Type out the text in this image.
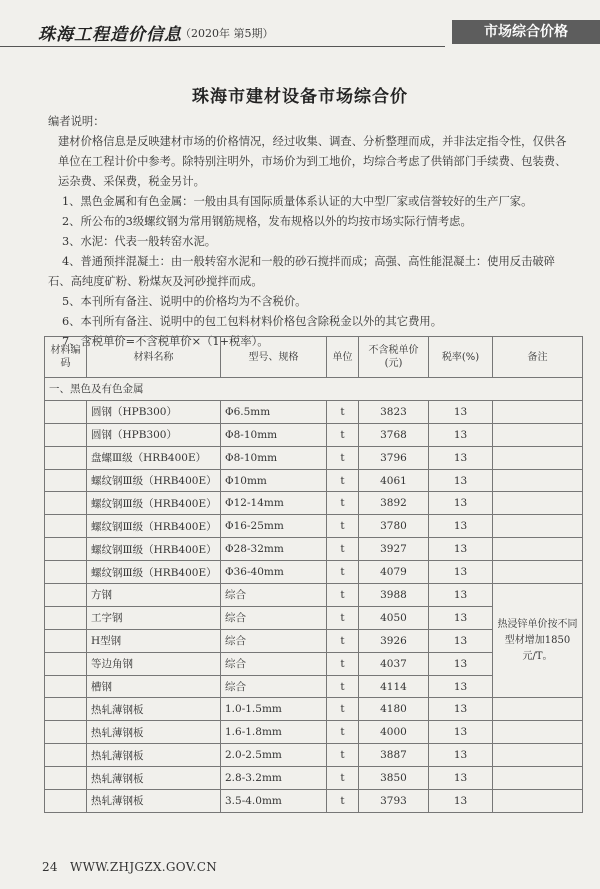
珠海工程造价信息
（2020年 第5期）	市场综合价格
珠海市建材设备市场综合价

编者说明：

建材价格信息是反映建材市场的价格情况，经过收集、调查、分析整理而成，并非法定指令性，仅供各单位在工程计价中参考。除特别注明外，市场价为到工地价，均综合考虑了供销部门手续费、包装费、运杂费、采保费，税金另计。

1、黑色金属和有色金属：一般由具有国际质量体系认证的大中型厂家或信誉较好的生产厂家。

2、所公布的3级螺纹钢为常用钢筋规格，发布规格以外的均按市场实际行情考虑。

3、水泥：代表一般转窑水泥。

4、普通预拌混凝土：由一般转窑水泥和一般的砂石搅拌而成；高强、高性能混凝土：使用反击破碎石、高纯度矿粉、粉煤灰及河砂搅拌而成。

5、本刊所有备注、说明中的价格均为不含税价。

6、本刊所有备注、说明中的包工包料材料价格包含除税金以外的其它费用。

7、含税单价=不含税单价×（1+税率）。

材料编码	材料名称	型号、规格	单位	不含税单价(元)	税率(%)	备注
一、黑色及有色金属						
	圆钢（HPB300）	Φ6.5mm	t	3823	13	
	圆钢（HPB300）	Φ8-10mm	t	3768	13	
	盘螺Ⅲ级（HRB400E）	Φ8-10mm	t	3796	13	
	螺纹钢Ⅲ级（HRB400E）	Φ10mm	t	4061	13	
	螺纹钢Ⅲ级（HRB400E）	Φ12-14mm	t	3892	13	
	螺纹钢Ⅲ级（HRB400E）	Φ16-25mm	t	3780	13	
	螺纹钢Ⅲ级（HRB400E）	Φ28-32mm	t	3927	13	
	螺纹钢Ⅲ级（HRB400E）	Φ36-40mm	t	4079	13	
	方钢	综合	t	3988	13	热浸锌单价按不同型材增加1850元/T。
	工字钢	综合	t	4050	13	
	H型钢	综合	t	3926	13	
	等边角钢	综合	t	4037	13	
	槽钢	综合	t	4114	13	
	热轧薄钢板	1.0-1.5mm	t	4180	13	
	热轧薄钢板	1.6-1.8mm	t	4000	13	
	热轧薄钢板	2.0-2.5mm	t	3887	13	
	热轧薄钢板	2.8-3.2mm	t	3850	13	
	热轧薄钢板	3.5-4.0mm	t	3793	13	
24 WWW.ZHJGZX.GOV.CN
